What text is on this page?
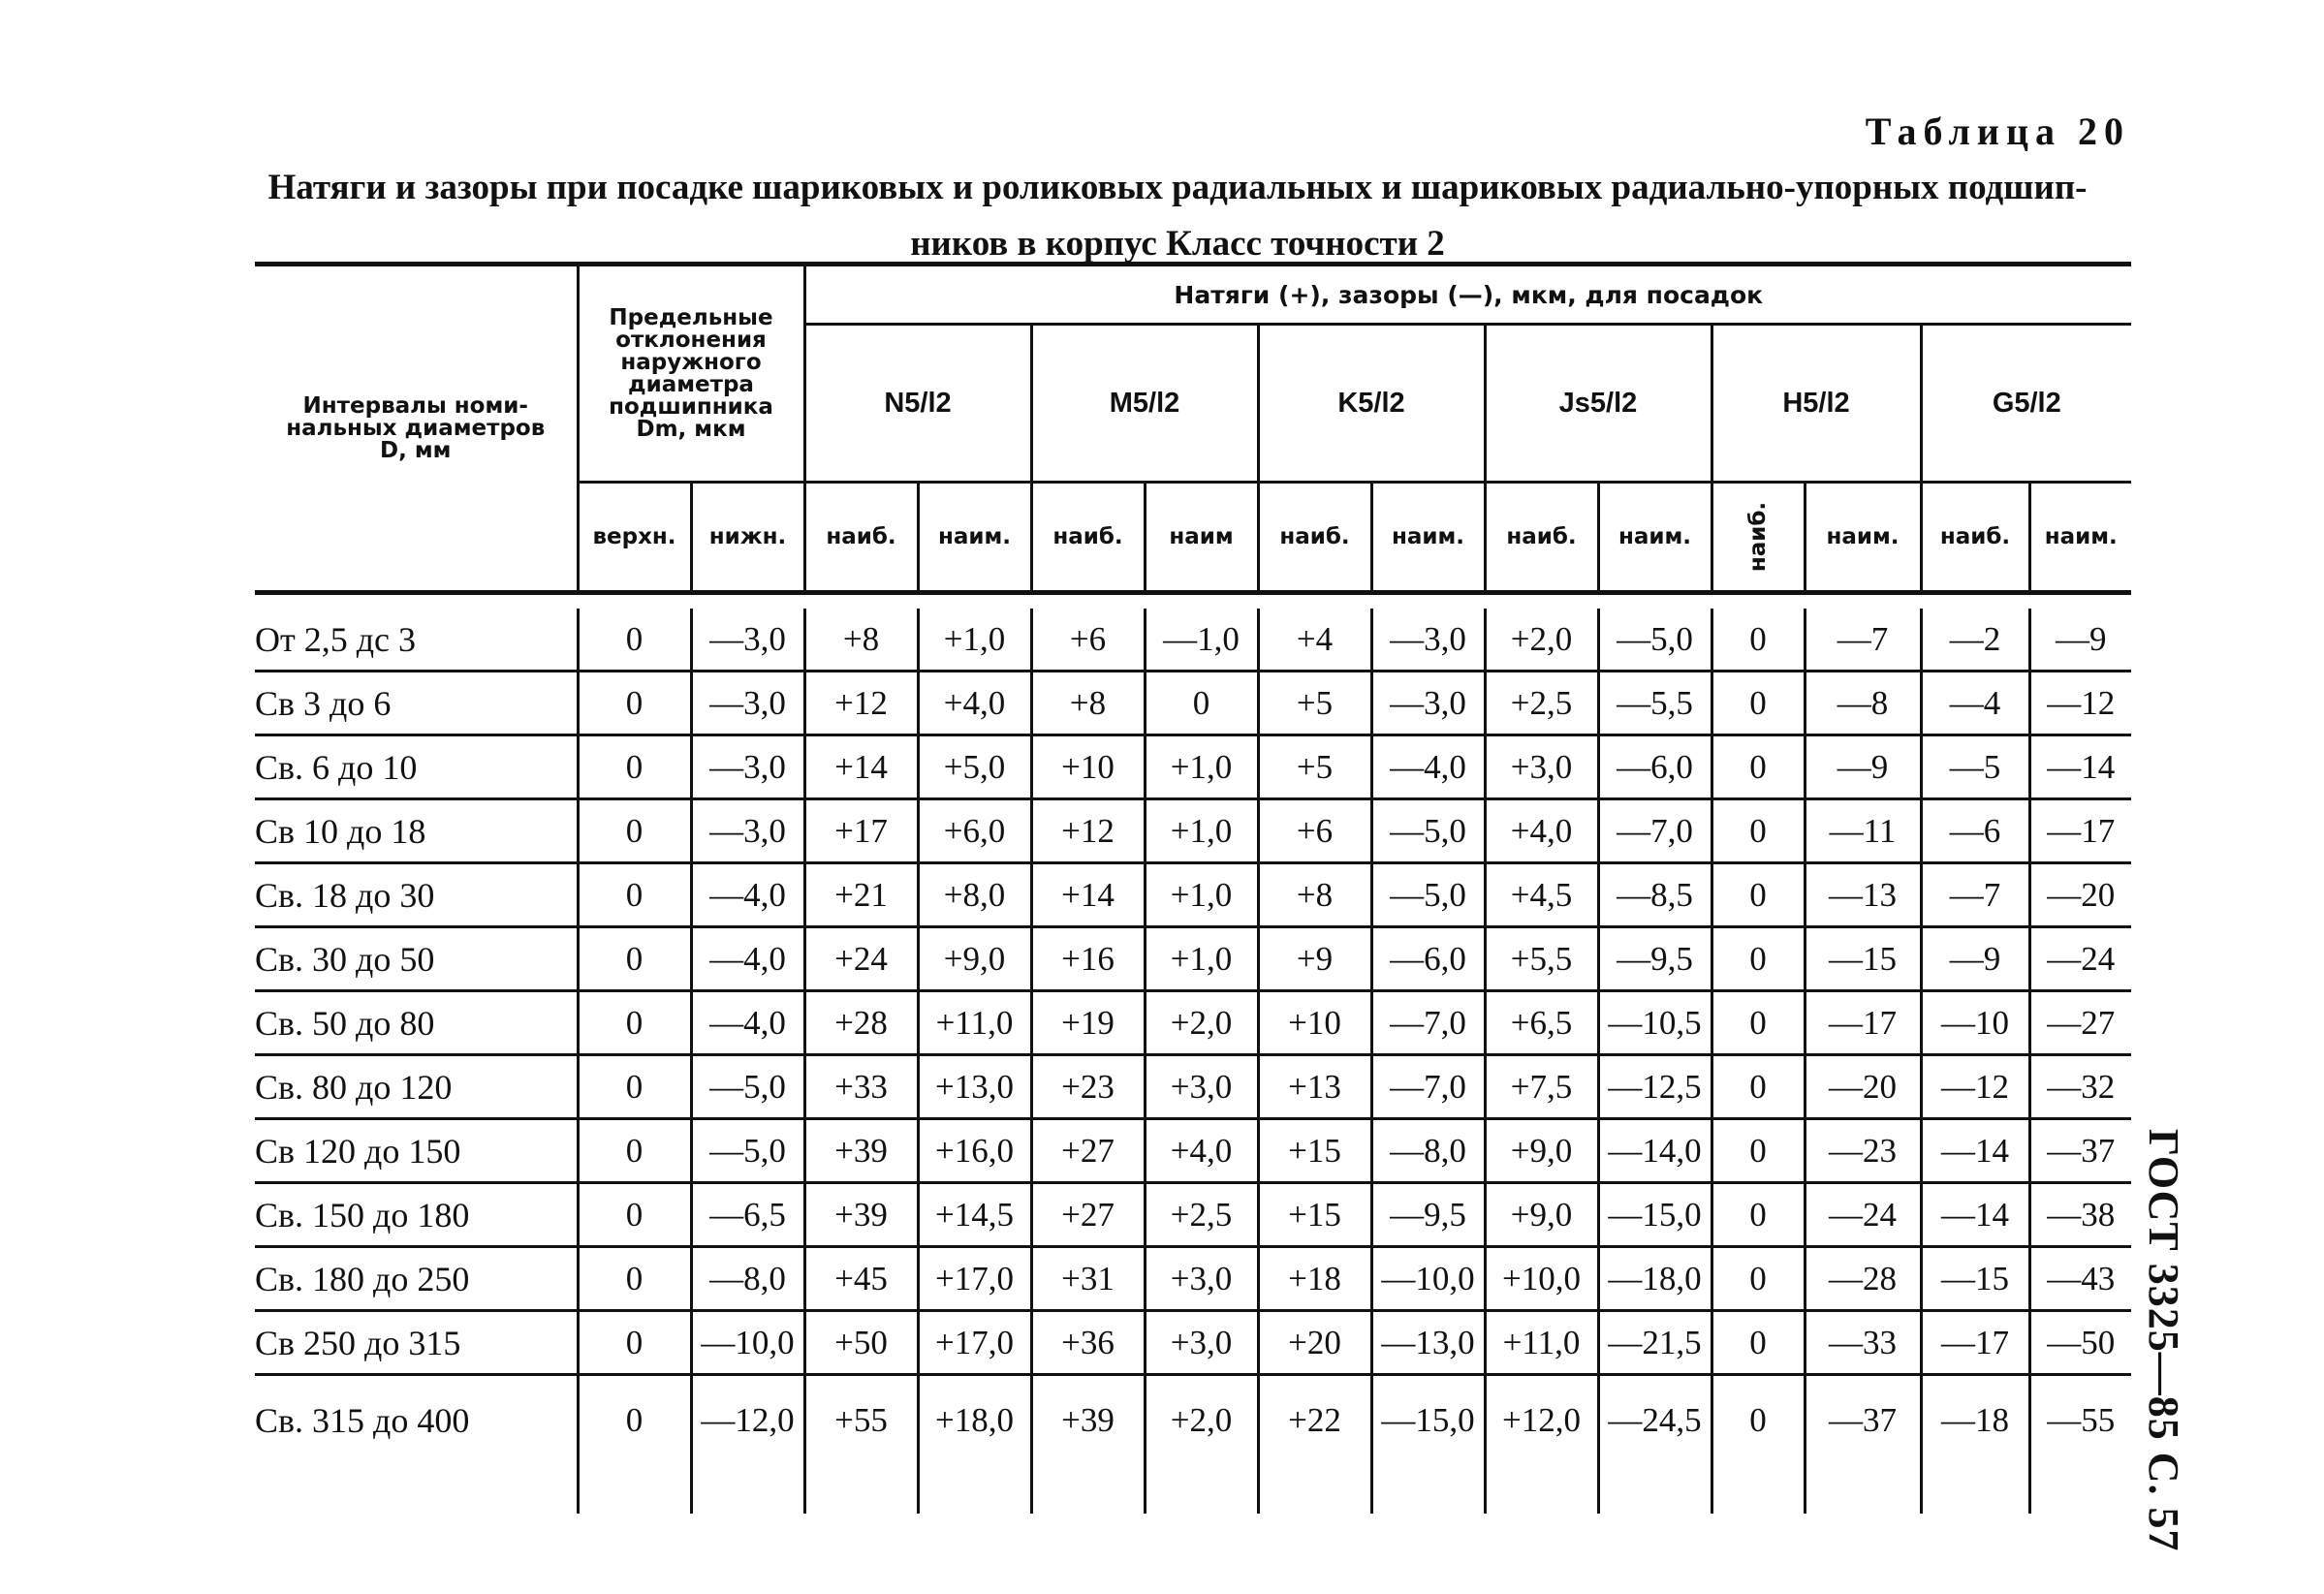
Таблица 20
Натяги и зазоры при посадке шариковых и роликовых радиальных и шариковых радиально-упорных подшип-
ников в корпус Класс точности 2
ГОСТ 3325—85 С. 57
Интервалы номи-нальных диаметров D, мм	Предельные отклонения наружного диаметра подшипника Dm, мкм		Натяги (+), зазоры (—), мкм, для посадок											
			N5/l2		M5/l2		K5/l2		Js5/l2		H5/l2		G5/l2	
	верхн.	нижн.	наиб.	наим.	наиб.	наим	наиб.	наим.	наиб.	наим.	наиб.	наим.	наиб.	наим.

От 2,5 дс 3	0	—3,0	+8	+1,0	+6	—1,0	+4	—3,0	+2,0	—5,0	0	—7	—2	—9
Св 3 до 6	0	—3,0	+12	+4,0	+8	0	+5	—3,0	+2,5	—5,5	0	—8	—4	—12
Св. 6 до 10	0	—3,0	+14	+5,0	+10	+1,0	+5	—4,0	+3,0	—6,0	0	—9	—5	—14
Св 10 до 18	0	—3,0	+17	+6,0	+12	+1,0	+6	—5,0	+4,0	—7,0	0	—11	—6	—17
Св. 18 до 30	0	—4,0	+21	+8,0	+14	+1,0	+8	—5,0	+4,5	—8,5	0	—13	—7	—20
Св. 30 до 50	0	—4,0	+24	+9,0	+16	+1,0	+9	—6,0	+5,5	—9,5	0	—15	—9	—24
Св. 50 до 80	0	—4,0	+28	+11,0	+19	+2,0	+10	—7,0	+6,5	—10,5	0	—17	—10	—27
Св. 80 до 120	0	—5,0	+33	+13,0	+23	+3,0	+13	—7,0	+7,5	—12,5	0	—20	—12	—32
Св 120 до 150	0	—5,0	+39	+16,0	+27	+4,0	+15	—8,0	+9,0	—14,0	0	—23	—14	—37
Св. 150 до 180	0	—6,5	+39	+14,5	+27	+2,5	+15	—9,5	+9,0	—15,0	0	—24	—14	—38
Св. 180 до 250	0	—8,0	+45	+17,0	+31	+3,0	+18	—10,0	+10,0	—18,0	0	—28	—15	—43
Св 250 до 315	0	—10,0	+50	+17,0	+36	+3,0	+20	—13,0	+11,0	—21,5	0	—33	—17	—50
Св. 315 до 400	0	—12,0	+55	+18,0	+39	+2,0	+22	—15,0	+12,0	—24,5	0	—37	—18	—55
